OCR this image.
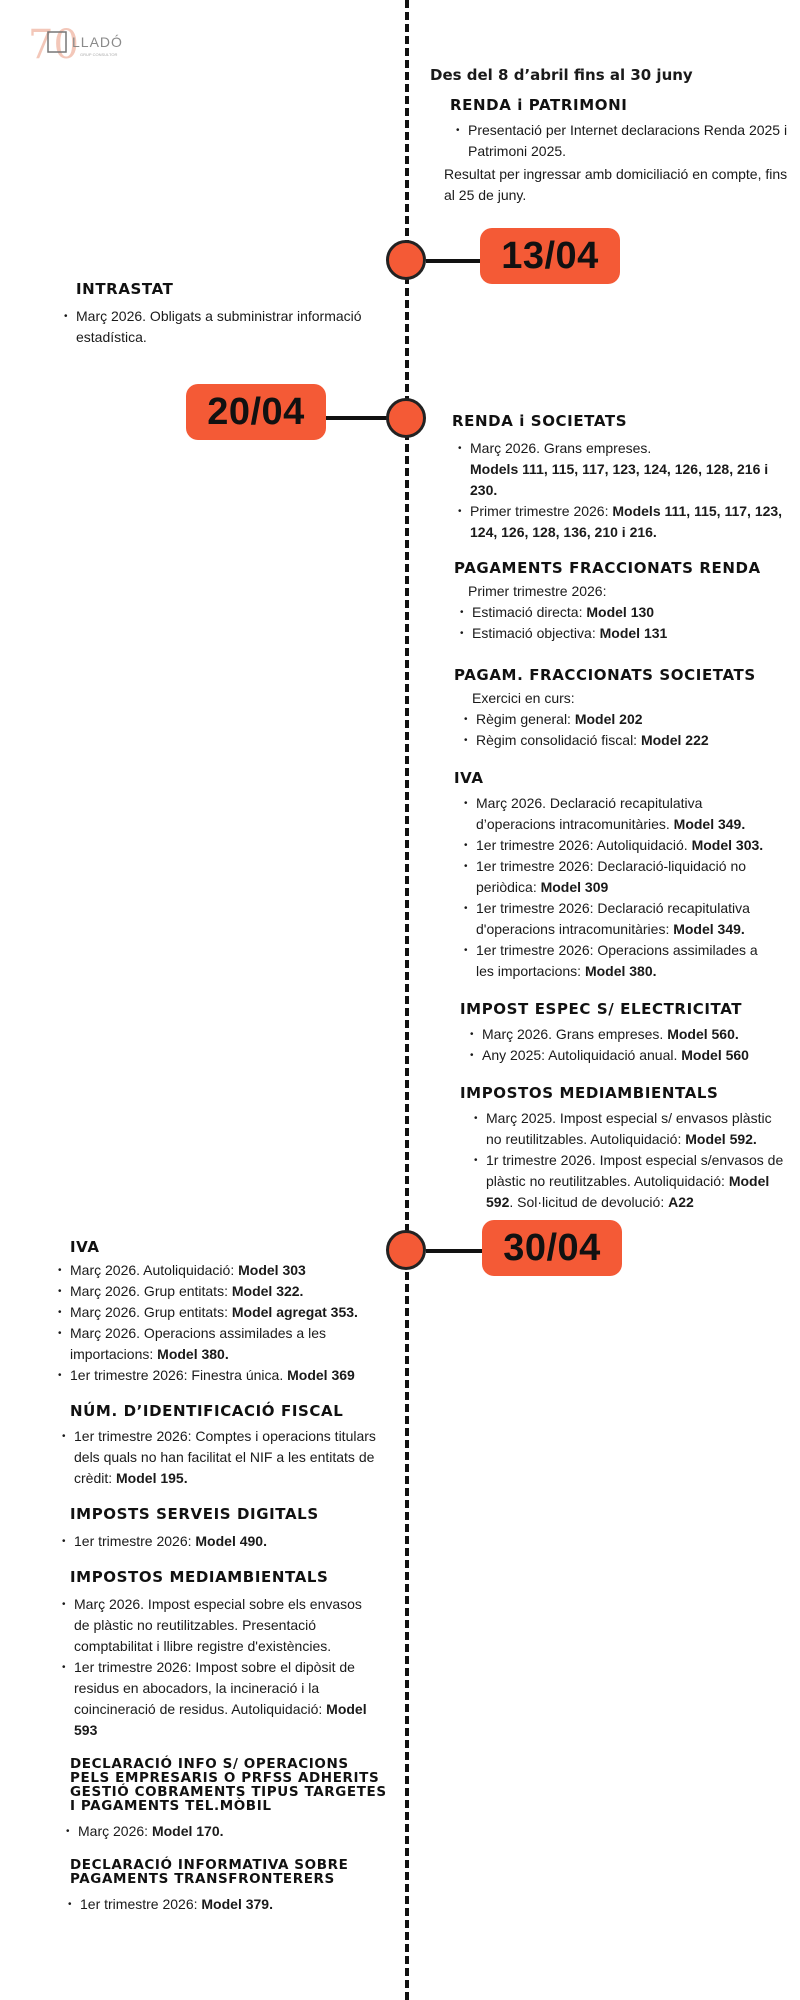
70
LLADÓ
GRUP CONSULTOR
Des del 8 d’abril fins al 30 juny
RENDA i PATRIMONI
• Presentació per Internet declaracions Renda 2025 i Patrimoni 2025.
Resultat per ingressar amb domiciliació en compte, fins al 25 de juny.
13/04
INTRASTAT
• Març 2026. Obligats a subministrar informació estadística.
20/04	RENDA i SOCIETATS
• Març 2026. Grans empreses.
Models 111, 115, 117, 123, 124, 126, 128, 216 i 230.
• Primer trimestre 2026: Models 111, 115, 117, 123, 124, 126, 128, 136, 210 i 216.
PAGAMENTS FRACCIONATS RENDA
Primer trimestre 2026:
• Estimació directa: Model 130
• Estimació objectiva: Model 131
PAGAM. FRACCIONATS SOCIETATS
Exercici en curs:
• Règim general: Model 202
• Règim consolidació fiscal: Model 222
IVA
• Març 2026. Declaració recapitulativa d’operacions intracomunitàries. Model 349.
• 1er trimestre 2026: Autoliquidació. Model 303.
• 1er trimestre 2026: Declaració-liquidació no periòdica: Model 309
• 1er trimestre 2026: Declaració recapitulativa d'operacions intracomunitàries: Model 349.
• 1er trimestre 2026: Operacions assimilades a les importacions: Model 380.
IMPOST ESPEC S/ ELECTRICITAT
• Març 2026. Grans empreses. Model 560.
• Any 2025: Autoliquidació anual. Model 560
IMPOSTOS MEDIAMBIENTALS
• Març 2025. Impost especial s/ envasos plàstic no reutilitzables. Autoliquidació: Model 592.
• 1r trimestre 2026. Impost especial s/envasos de plàstic no reutilitzables. Autoliquidació: Model 592. Sol·licitud de devolució: A22
30/04
IVA
• Març 2026. Autoliquidació: Model 303
• Març 2026. Grup entitats: Model 322.
• Març 2026. Grup entitats: Model agregat 353.
• Març 2026. Operacions assimilades a les importacions: Model 380.
• 1er trimestre 2026: Finestra única. Model 369
NÚM. D’IDENTIFICACIÓ FISCAL
• 1er trimestre 2026: Comptes i operacions titulars dels quals no han facilitat el NIF a les entitats de crèdit: Model 195.
IMPOSTS SERVEIS DIGITALS
• 1er trimestre 2026: Model 490.
IMPOSTOS MEDIAMBIENTALS
• Març 2026. Impost especial sobre els envasos de plàstic no reutilitzables. Presentació comptabilitat i llibre registre d'existències.
• 1er trimestre 2026: Impost sobre el dipòsit de residus en abocadors, la incineració i la coincineració de residus. Autoliquidació: Model 593
DECLARACIÓ INFO S/ OPERACIONS PELS EMPRESARIS O PRFSS ADHERITS GESTIÓ COBRAMENTS TIPUS TARGETES I PAGAMENTS TEL.MÒBIL
• Març 2026: Model 170.
DECLARACIÓ INFORMATIVA SOBRE PAGAMENTS TRANSFRONTERERS
• 1er trimestre 2026: Model 379.
